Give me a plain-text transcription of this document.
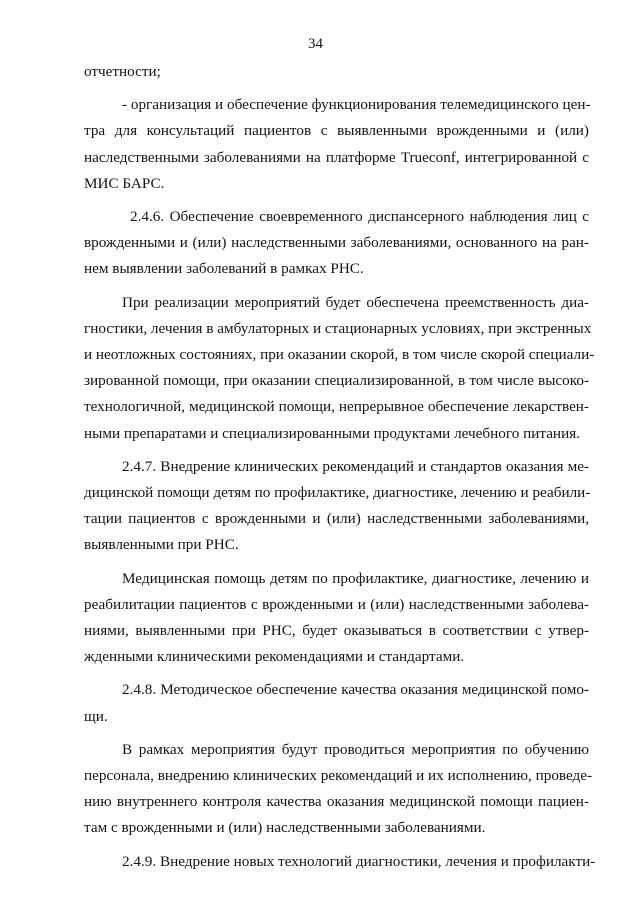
34
отчетности;
- организация и обеспечение функционирования телемедицинского цен-
тра для консультаций пациентов с выявленными врожденными и (или)
наследственными заболеваниями на платформе Trueconf, интегрированной с
МИС БАРС.
2.4.6. Обеспечение своевременного диспансерного наблюдения лиц с
врожденными и (или) наследственными заболеваниями, основанного на ран-
нем выявлении заболеваний в рамках РНС.
При реализации мероприятий будет обеспечена преемственность диа-
гностики, лечения в амбулаторных и стационарных условиях, при экстренных
и неотложных состояниях, при оказании скорой, в том числе скорой специали-
зированной помощи, при оказании специализированной, в том числе высоко-
технологичной, медицинской помощи, непрерывное обеспечение лекарствен-
ными препаратами и специализированными продуктами лечебного питания.
2.4.7. Внедрение клинических рекомендаций и стандартов оказания ме-
дицинской помощи детям по профилактике, диагностике, лечению и реабили-
тации пациентов с врожденными и (или) наследственными заболеваниями,
выявленными при РНС.
Медицинская помощь детям по профилактике, диагностике, лечению и
реабилитации пациентов с врожденными и (или) наследственными заболева-
ниями, выявленными при РНС, будет оказываться в соответствии с утвер-
жденными клиническими рекомендациями и стандартами.
2.4.8. Методическое обеспечение качества оказания медицинской помо-
щи.
В рамках мероприятия будут проводиться мероприятия по обучению
персонала, внедрению клинических рекомендаций и их исполнению, проведе-
нию внутреннего контроля качества оказания медицинской помощи пациен-
там с врожденными и (или) наследственными заболеваниями.
2.4.9. Внедрение новых технологий диагностики, лечения и профилакти-
